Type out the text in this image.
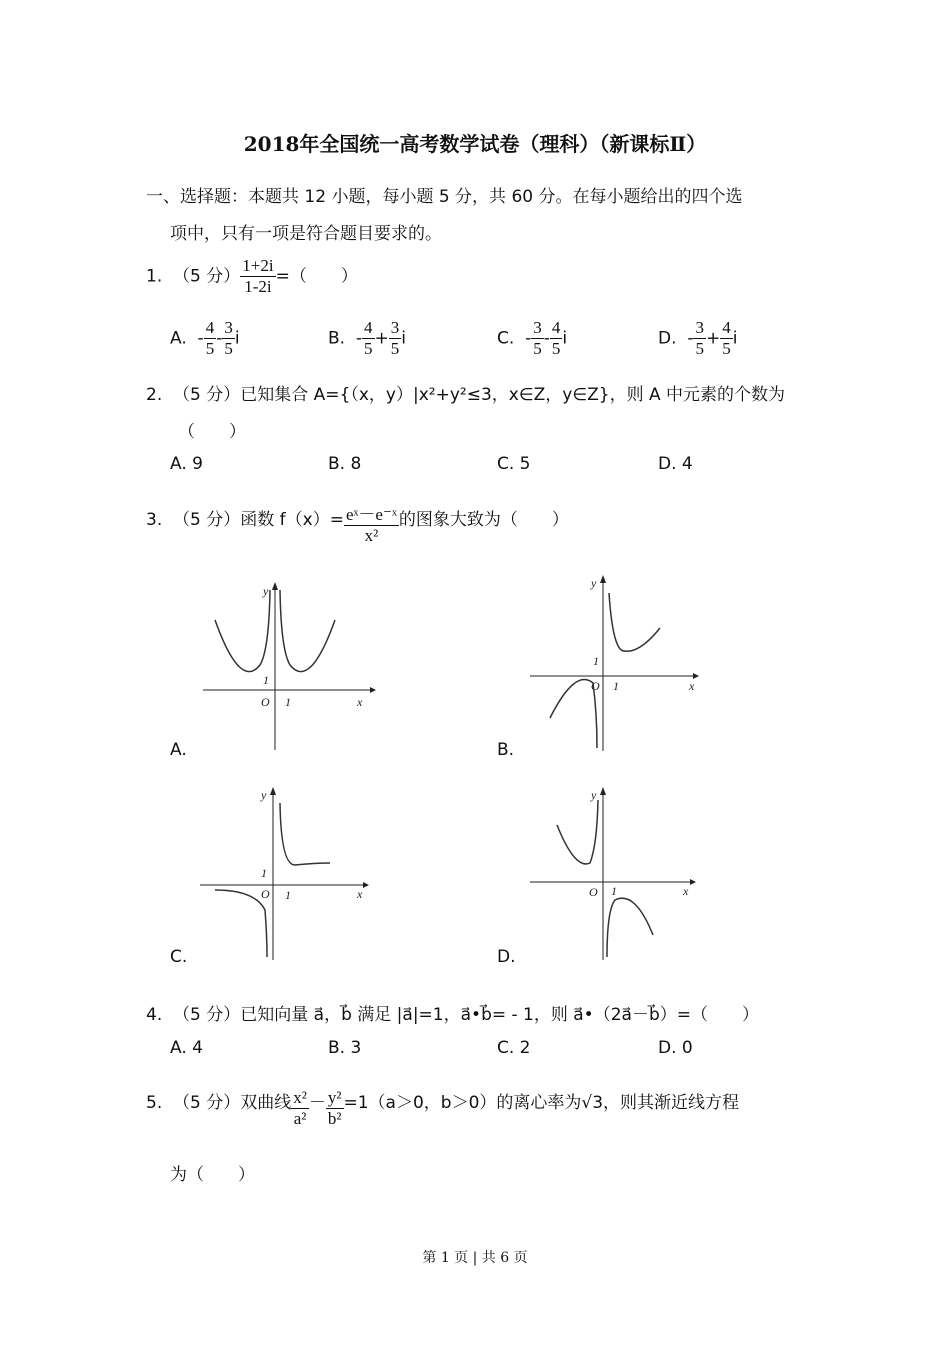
2018年全国统一高考数学试卷（理科）（新课标Ⅱ）
一、选择题：本题共 12 小题，每小题 5 分，共 60 分。在每小题给出的四个选
项中，只有一项是符合题目要求的。
1. （5 分） $\frac{1+2i}{1-2i}$ =（　　）
A. - $\frac{4}{5} - \frac{3}{5}$ i	B. - $\frac{4}{5} + \frac{3}{5}$ i	C. - $\frac{3}{5} - \frac{4}{5}$ i	D. - $\frac{3}{5} + \frac{4}{5}$ i
2. （5 分）已知集合 A={（x，y）|x²+y²≤3，x∈Z，y∈Z}，则 A 中元素的个数为
（　　）
A. 9	B. 8	C. 5	D. 4
3. （5 分）函数 $f(x)= \frac{\text{eˣ－e⁻ˣ}}{\text{x²}}$ 的图象大致为（　　）
y
x
O 1
1
A.
y
x
O 1
1
B.
y
x
O 1
1
C.
y
x
O 1
D.
4. （5 分）已知向量 a⃗，b⃗ 满足 |a⃗|=1，a⃗•b⃗= - 1，则 a⃗•（2a⃗－b⃗）=（　　）
A. 4	B. 3	C. 2	D. 0
5. （5 分）双曲线 $\frac{\text{x²}}{\text{a²}} - \frac{\text{y²}}{\text{b²}} =1(a>0$，b＞0）的离心率为√3，则其渐近线方程
为（　　）
第 1 页 | 共 6 页
